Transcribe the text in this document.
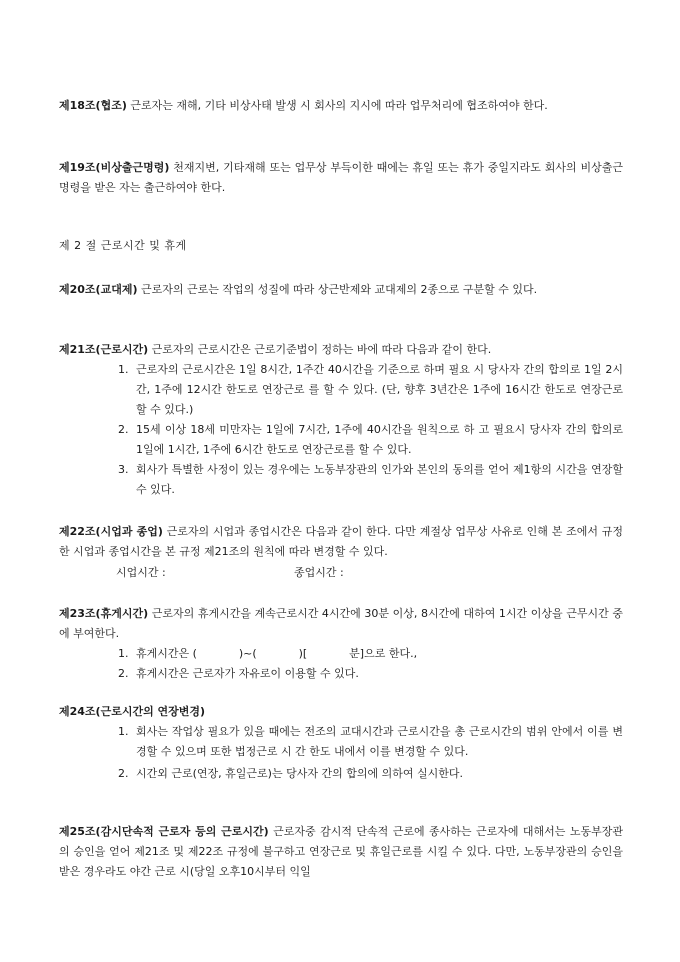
제18조(협조) 근로자는 재해, 기타 비상사태 발생 시 회사의 지시에 따라 업무처리에 협조하여야 한다.
제19조(비상출근명령) 천재지변, 기타재해 또는 업무상 부득이한 때에는 휴일 또는 휴가 중일지라도 회사의 비상출근 명령을 받은 자는 출근하여야 한다.
제 2 절 근로시간 및 휴게
제20조(교대제) 근로자의 근로는 작업의 성질에 따라 상근반제와 교대제의 2종으로 구분할 수 있다.
제21조(근로시간) 근로자의 근로시간은 근로기준법이 정하는 바에 따라 다음과 같이 한다.
1. 근로자의 근로시간은 1일 8시간, 1주간 40시간을 기준으로 하며 필요 시 당사자 간의 합의로 1일 2시간, 1주에 12시간 한도로 연장근로 를 할 수 있다. (단, 향후 3년간은 1주에 16시간 한도로 연장근로 할 수 있다.)
2. 15세 이상 18세 미만자는 1일에 7시간, 1주에 40시간을 원칙으로 하 고 필요시 당사자 간의 합의로 1일에 1시간, 1주에 6시간 한도로 연장근로를 할 수 있다.
3. 회사가 특별한 사정이 있는 경우에는 노동부장관의 인가와 본인의 동의를 얻어 제1항의 시간을 연장할 수 있다.
제22조(시업과 종업) 근로자의 시업과 종업시간은 다음과 같이 한다. 다만 계절상 업무상 사유로 인해 본 조에서 규정한 시업과 종업시간을 본 규정 제21조의 원칙에 따라 변경할 수 있다.
시업시간 :	종업시간 :
제23조(휴게시간) 근로자의 휴게시간을 계속근로시간 4시간에 30분 이상, 8시간에 대하여 1시간 이상을 근무시간 중에 부여한다.
1. 휴게시간은 (            )~(            )[            분]으로 한다.,
2. 휴게시간은 근로자가 자유로이 이용할 수 있다.
제24조(근로시간의 연장변경)
1. 회사는 작업상 필요가 있을 때에는 전조의 교대시간과 근로시간을 총 근로시간의 범위 안에서 이를 변경할 수 있으며 또한 법정근로 시 간 한도 내에서 이를 변경할 수 있다.
2. 시간외 근로(연장, 휴일근로)는 당사자 간의 합의에 의하여 실시한다.
제25조(감시단속적 근로자 등의 근로시간) 근로자중 감시적 단속적 근로에 종사하는 근로자에 대해서는 노동부장관의 승인을 얻어 제21조 및 제22조 규정에 불구하고 연장근로 및 휴일근로를 시킬 수 있다. 다만, 노동부장관의 승인을 받은 경우라도 야간 근로 시(당일 오후10시부터 익일
